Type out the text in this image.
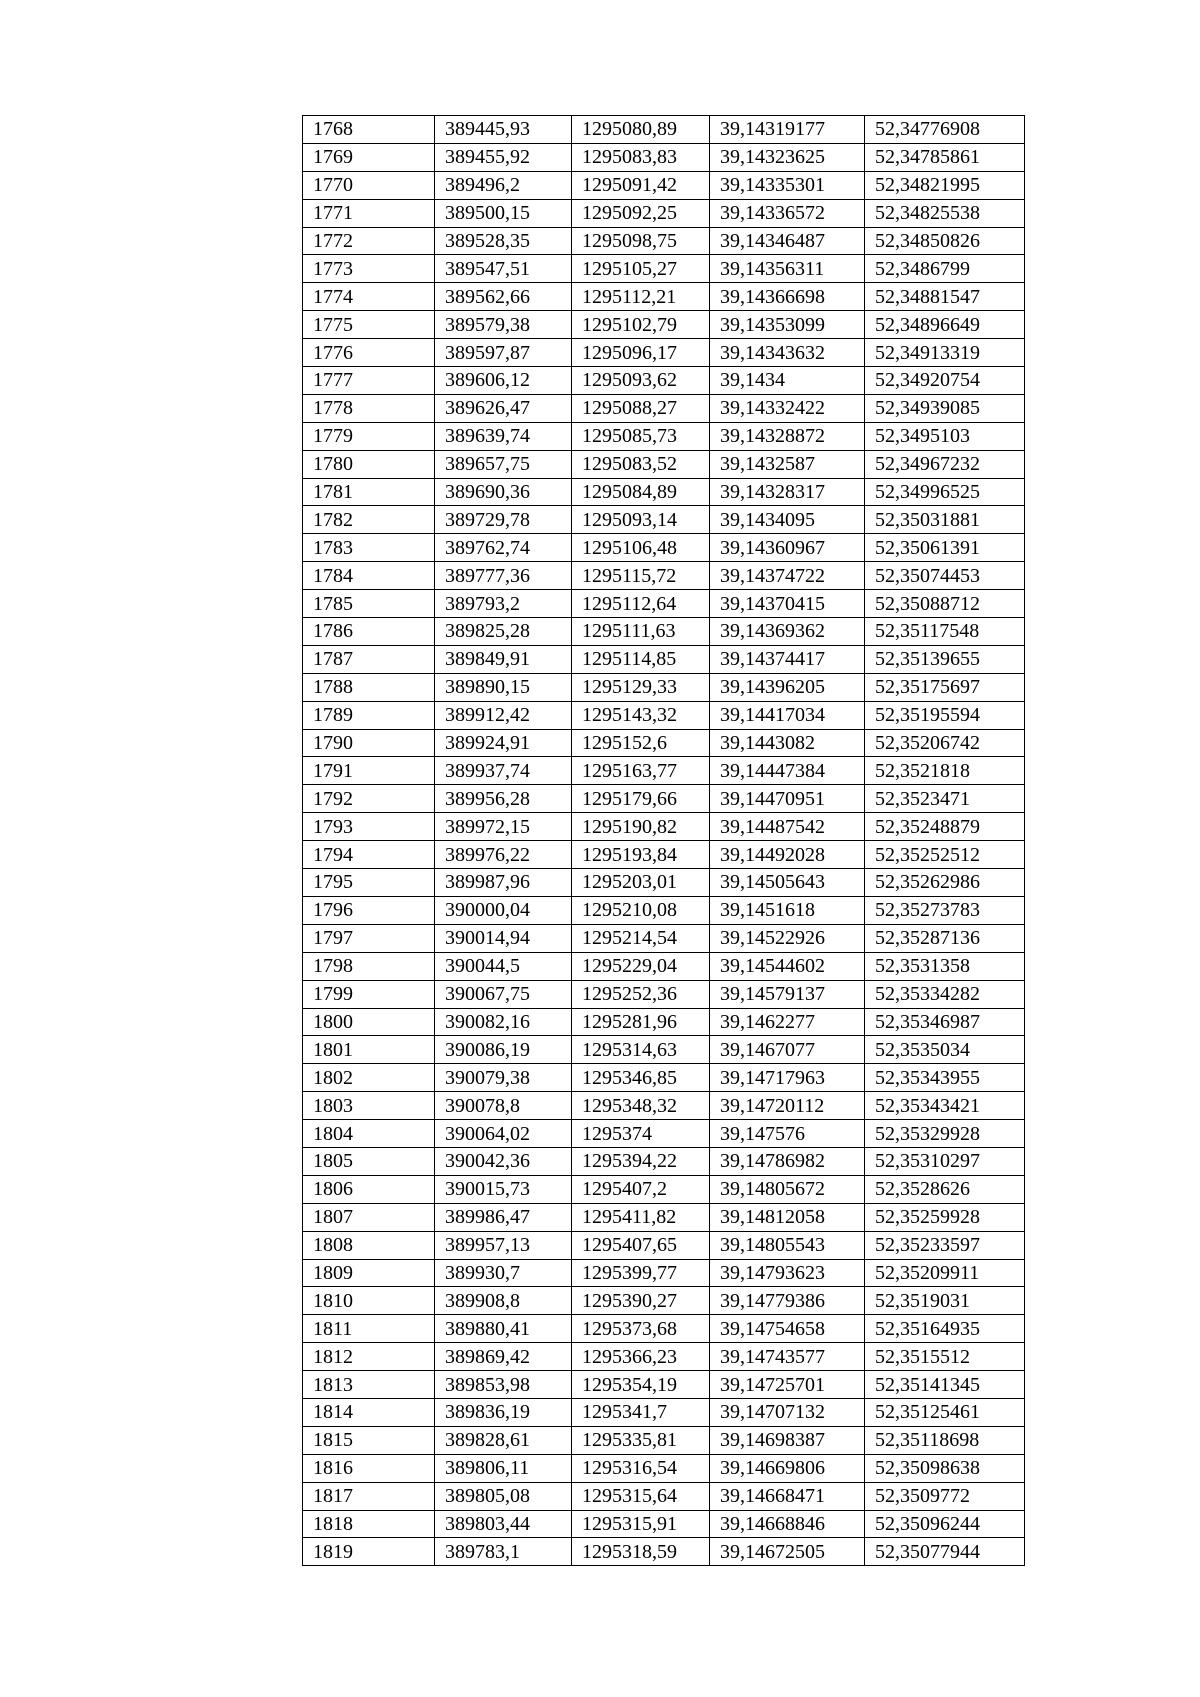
1768	389445,93	1295080,89	39,14319177	52,34776908
1769	389455,92	1295083,83	39,14323625	52,34785861
1770	389496,2	1295091,42	39,14335301	52,34821995
1771	389500,15	1295092,25	39,14336572	52,34825538
1772	389528,35	1295098,75	39,14346487	52,34850826
1773	389547,51	1295105,27	39,14356311	52,3486799
1774	389562,66	1295112,21	39,14366698	52,34881547
1775	389579,38	1295102,79	39,14353099	52,34896649
1776	389597,87	1295096,17	39,14343632	52,34913319
1777	389606,12	1295093,62	39,1434	52,34920754
1778	389626,47	1295088,27	39,14332422	52,34939085
1779	389639,74	1295085,73	39,14328872	52,3495103
1780	389657,75	1295083,52	39,1432587	52,34967232
1781	389690,36	1295084,89	39,14328317	52,34996525
1782	389729,78	1295093,14	39,1434095	52,35031881
1783	389762,74	1295106,48	39,14360967	52,35061391
1784	389777,36	1295115,72	39,14374722	52,35074453
1785	389793,2	1295112,64	39,14370415	52,35088712
1786	389825,28	1295111,63	39,14369362	52,35117548
1787	389849,91	1295114,85	39,14374417	52,35139655
1788	389890,15	1295129,33	39,14396205	52,35175697
1789	389912,42	1295143,32	39,14417034	52,35195594
1790	389924,91	1295152,6	39,1443082	52,35206742
1791	389937,74	1295163,77	39,14447384	52,3521818
1792	389956,28	1295179,66	39,14470951	52,3523471
1793	389972,15	1295190,82	39,14487542	52,35248879
1794	389976,22	1295193,84	39,14492028	52,35252512
1795	389987,96	1295203,01	39,14505643	52,35262986
1796	390000,04	1295210,08	39,1451618	52,35273783
1797	390014,94	1295214,54	39,14522926	52,35287136
1798	390044,5	1295229,04	39,14544602	52,3531358
1799	390067,75	1295252,36	39,14579137	52,35334282
1800	390082,16	1295281,96	39,1462277	52,35346987
1801	390086,19	1295314,63	39,1467077	52,3535034
1802	390079,38	1295346,85	39,14717963	52,35343955
1803	390078,8	1295348,32	39,14720112	52,35343421
1804	390064,02	1295374	39,147576	52,35329928
1805	390042,36	1295394,22	39,14786982	52,35310297
1806	390015,73	1295407,2	39,14805672	52,3528626
1807	389986,47	1295411,82	39,14812058	52,35259928
1808	389957,13	1295407,65	39,14805543	52,35233597
1809	389930,7	1295399,77	39,14793623	52,35209911
1810	389908,8	1295390,27	39,14779386	52,3519031
1811	389880,41	1295373,68	39,14754658	52,35164935
1812	389869,42	1295366,23	39,14743577	52,3515512
1813	389853,98	1295354,19	39,14725701	52,35141345
1814	389836,19	1295341,7	39,14707132	52,35125461
1815	389828,61	1295335,81	39,14698387	52,35118698
1816	389806,11	1295316,54	39,14669806	52,35098638
1817	389805,08	1295315,64	39,14668471	52,3509772
1818	389803,44	1295315,91	39,14668846	52,35096244
1819	389783,1	1295318,59	39,14672505	52,35077944
